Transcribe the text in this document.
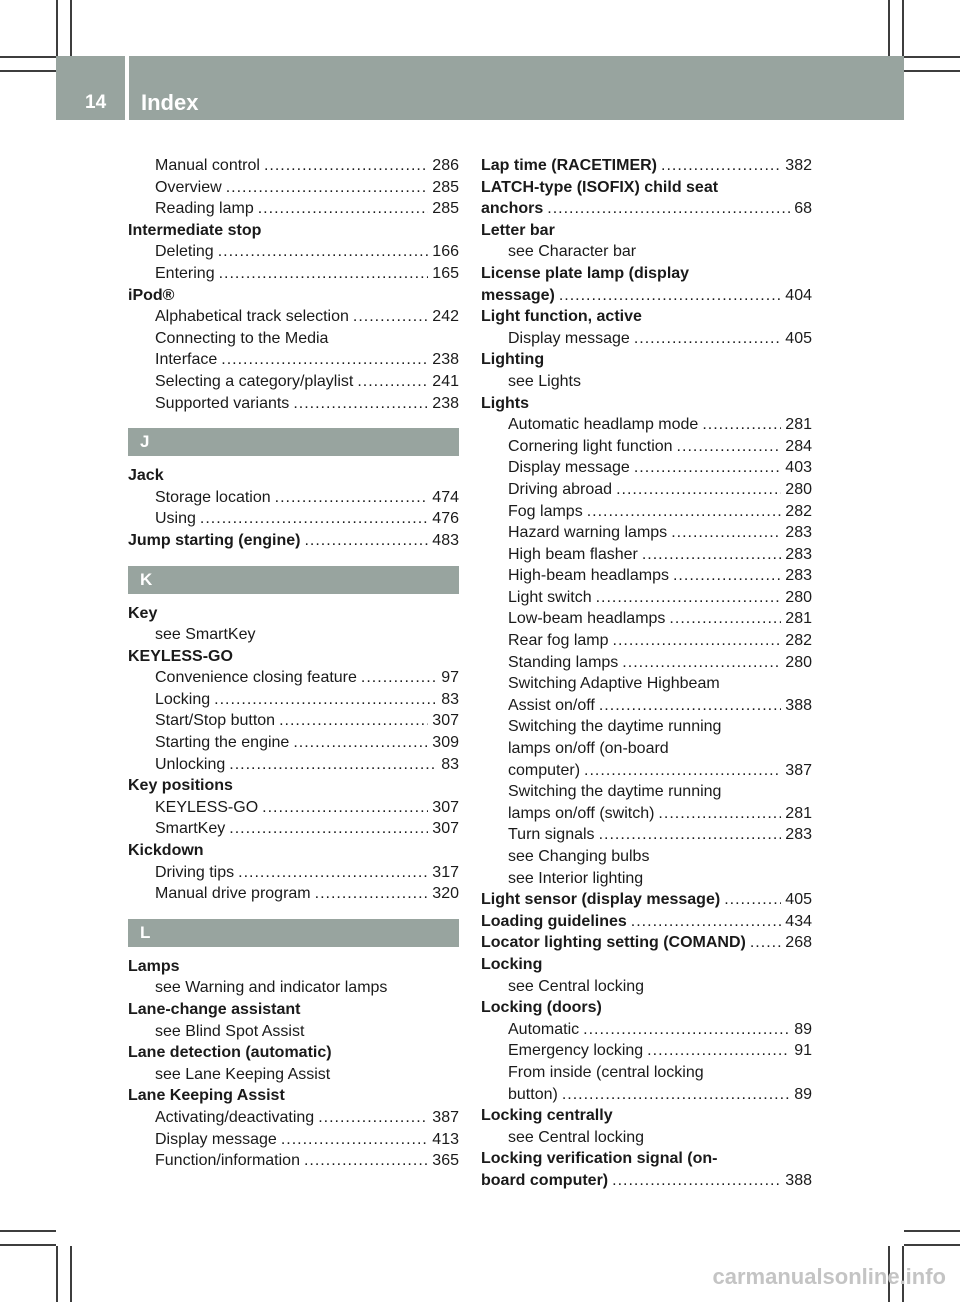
14 Index
Manual control .....	286
Overview .....	285
Reading lamp .....	285
Intermediate stop
Deleting .....	166
Entering .....	165
iPod®
Alphabetical track selection .....	242
Connecting to the Media
Interface .....	238
Selecting a category/playlist .....	241
Supported variants .....	238
J
Jack
Storage location .....	474
Using .....	476
Jump starting (engine) .....	483
K
Key
see SmartKey
KEYLESS-GO
Convenience closing feature .....	97
Locking .....	83
Start/Stop button .....	307
Starting the engine .....	309
Unlocking .....	83
Key positions
KEYLESS-GO .....	307
SmartKey .....	307
Kickdown
Driving tips .....	317
Manual drive program .....	320
L
Lamps
see Warning and indicator lamps
Lane-change assistant
see Blind Spot Assist
Lane detection (automatic)
see Lane Keeping Assist
Lane Keeping Assist
Activating/deactivating .....	387
Display message .....	413
Function/information .....	365
Lap time (RACETIMER) .....	382
LATCH-type (ISOFIX) child seat
anchors .....	68
Letter bar
see Character bar
License plate lamp (display
message) .....	404
Light function, active
Display message .....	405
Lighting
see Lights
Lights
Automatic headlamp mode .....	281
Cornering light function .....	284
Display message .....	403
Driving abroad .....	280
Fog lamps .....	282
Hazard warning lamps .....	283
High beam flasher .....	283
High-beam headlamps .....	283
Light switch .....	280
Low-beam headlamps .....	281
Rear fog lamp .....	282
Standing lamps .....	280
Switching Adaptive Highbeam
Assist on/off .....	388
Switching the daytime running
lamps on/off (on-board
computer) .....	387
Switching the daytime running
lamps on/off (switch) .....	281
Turn signals .....	283
see Changing bulbs
see Interior lighting
Light sensor (display message) .....	405
Loading guidelines .....	434
Locator lighting setting (COMAND) ..... 268
Locking
see Central locking
Locking (doors)
Automatic .....	89
Emergency locking .....	91
From inside (central locking
button) .....	89
Locking centrally
see Central locking
Locking verification signal (on-
board computer) .....	388
carmanualsonline.info
